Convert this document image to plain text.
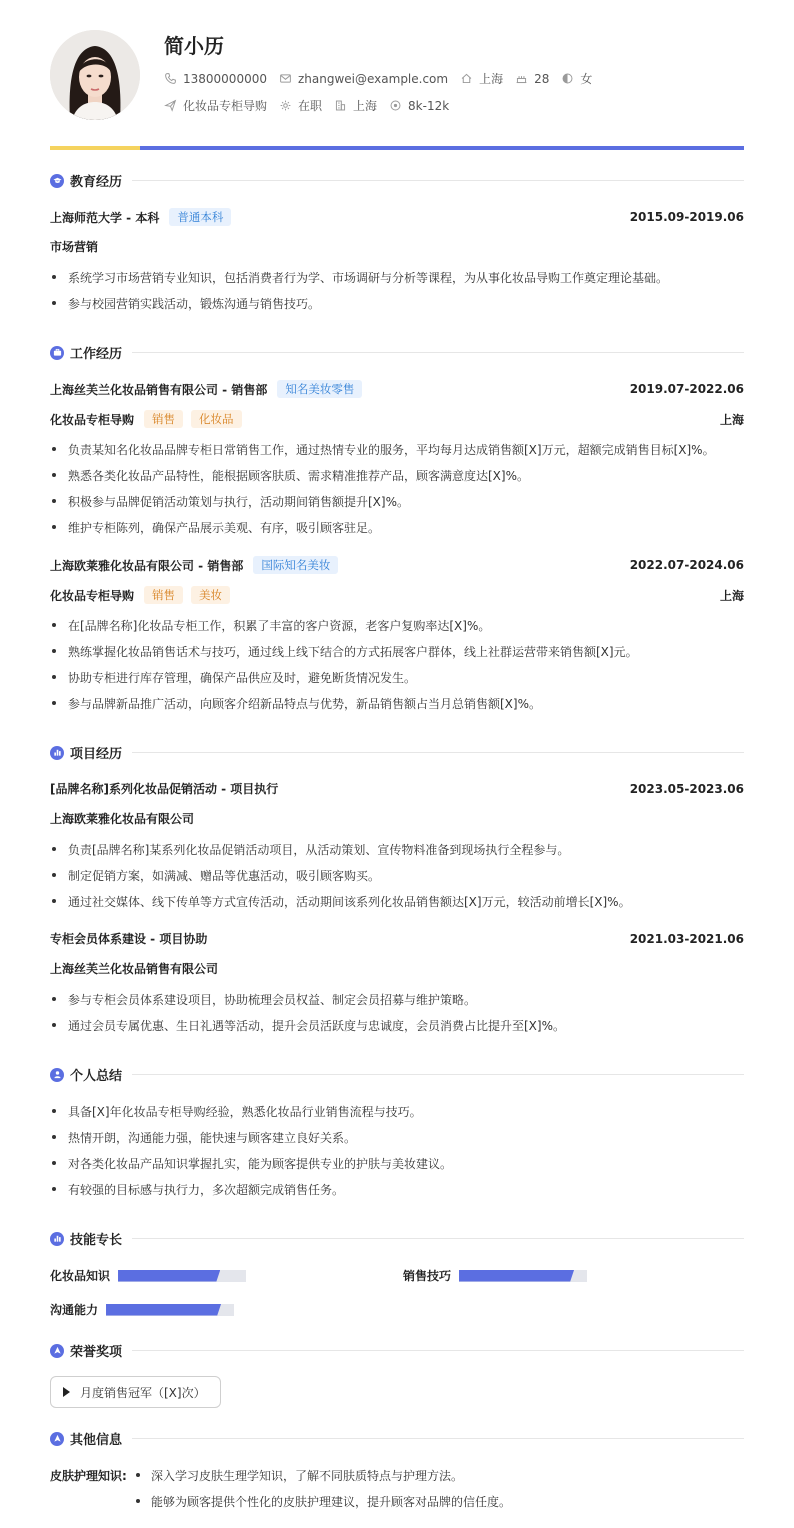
简小历
13800000000	zhangwei@example.com	上海	28	女
化妆品专柜导购	在职	上海	8k-12k
教育经历
上海师范大学 - 本科	普通本科	2015.09-2019.06
市场营销
系统学习市场营销专业知识，包括消费者行为学、市场调研与分析等课程，为从事化妆品导购工作奠定理论基础。
参与校园营销实践活动，锻炼沟通与销售技巧。
工作经历
上海丝芙兰化妆品销售有限公司 - 销售部	知名美妆零售	2019.07-2022.06
化妆品专柜导购	销售	化妆品	上海
负责某知名化妆品品牌专柜日常销售工作，通过热情专业的服务，平均每月达成销售额[X]万元，超额完成销售目标[X]%。
熟悉各类化妆品产品特性，能根据顾客肤质、需求精准推荐产品，顾客满意度达[X]%。
积极参与品牌促销活动策划与执行，活动期间销售额提升[X]%。
维护专柜陈列，确保产品展示美观、有序，吸引顾客驻足。
上海欧莱雅化妆品有限公司 - 销售部	国际知名美妆	2022.07-2024.06
化妆品专柜导购	销售	美妆	上海
在[品牌名称]化妆品专柜工作，积累了丰富的客户资源，老客户复购率达[X]%。
熟练掌握化妆品销售话术与技巧，通过线上线下结合的方式拓展客户群体，线上社群运营带来销售额[X]元。
协助专柜进行库存管理，确保产品供应及时，避免断货情况发生。
参与品牌新品推广活动，向顾客介绍新品特点与优势，新品销售额占当月总销售额[X]%。
项目经历
[品牌名称]系列化妆品促销活动 - 项目执行	2023.05-2023.06
上海欧莱雅化妆品有限公司
负责[品牌名称]某系列化妆品促销活动项目，从活动策划、宣传物料准备到现场执行全程参与。
制定促销方案，如满减、赠品等优惠活动，吸引顾客购买。
通过社交媒体、线下传单等方式宣传活动，活动期间该系列化妆品销售额达[X]万元，较活动前增长[X]%。
专柜会员体系建设 - 项目协助	2021.03-2021.06
上海丝芙兰化妆品销售有限公司
参与专柜会员体系建设项目，协助梳理会员权益、制定会员招募与维护策略。
通过会员专属优惠、生日礼遇等活动，提升会员活跃度与忠诚度，会员消费占比提升至[X]%。
个人总结
具备[X]年化妆品专柜导购经验，熟悉化妆品行业销售流程与技巧。
热情开朗，沟通能力强，能快速与顾客建立良好关系。
对各类化妆品产品知识掌握扎实，能为顾客提供专业的护肤与美妆建议。
有较强的目标感与执行力，多次超额完成销售任务。
技能专长
化妆品知识	销售技巧
沟通能力
荣誉奖项
月度销售冠军（[X]次）
其他信息
皮肤护理知识: 深入学习皮肤生理学知识，了解不同肤质特点与护理方法。
能够为顾客提供个性化的皮肤护理建议，提升顾客对品牌的信任度。
